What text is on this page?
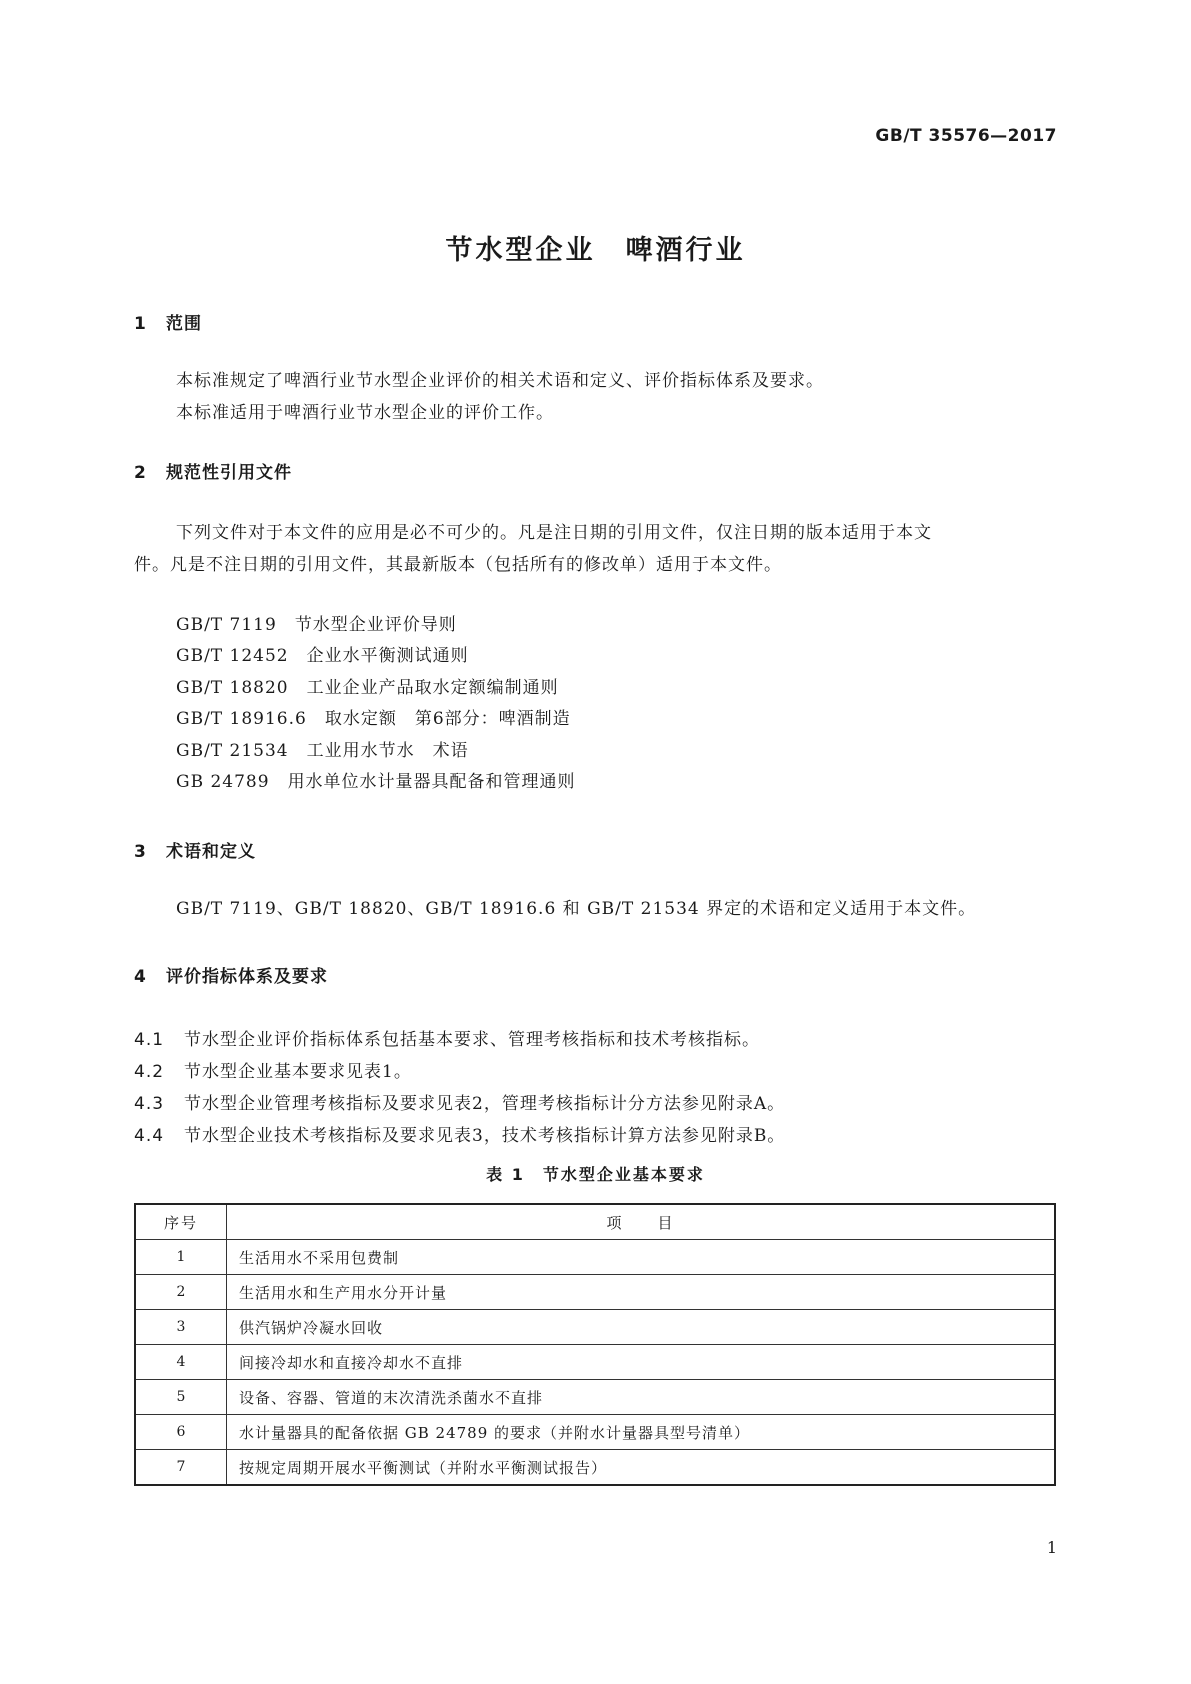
GB/T 35576—2017
节水型企业　啤酒行业
1 范围
本标准规定了啤酒行业节水型企业评价的相关术语和定义、评价指标体系及要求。
本标准适用于啤酒行业节水型企业的评价工作。
2 规范性引用文件
下列文件对于本文件的应用是必不可少的。凡是注日期的引用文件，仅注日期的版本适用于本文
件。凡是不注日期的引用文件，其最新版本（包括所有的修改单）适用于本文件。
GB/T 7119　 节水型企业评价导则
GB/T 12452　 企业水平衡测试通则
GB/T 18820　 工业企业产品取水定额编制通则
GB/T 18916.6　 取水定额　第6部分：啤酒制造
GB/T 21534　 工业用水节水　术语
GB 24789　 用水单位水计量器具配备和管理通则
3 术语和定义
GB/T 7119、GB/T 18820、GB/T 18916.6 和 GB/T 21534 界定的术语和定义适用于本文件。
4 评价指标体系及要求
4.1 节水型企业评价指标体系包括基本要求、管理考核指标和技术考核指标。
4.2 节水型企业基本要求见表1。
4.3 节水型企业管理考核指标及要求见表2，管理考核指标计分方法参见附录A。
4.4 节水型企业技术考核指标及要求见表3，技术考核指标计算方法参见附录B。
表 1　节水型企业基本要求
序号	项　　目
1	生活用水不采用包费制
2	生活用水和生产用水分开计量
3	供汽锅炉冷凝水回收
4	间接冷却水和直接冷却水不直排
5	设备、容器、管道的末次清洗杀菌水不直排
6	水计量器具的配备依据 GB 24789 的要求（并附水计量器具型号清单）
7	按规定周期开展水平衡测试（并附水平衡测试报告）
1
